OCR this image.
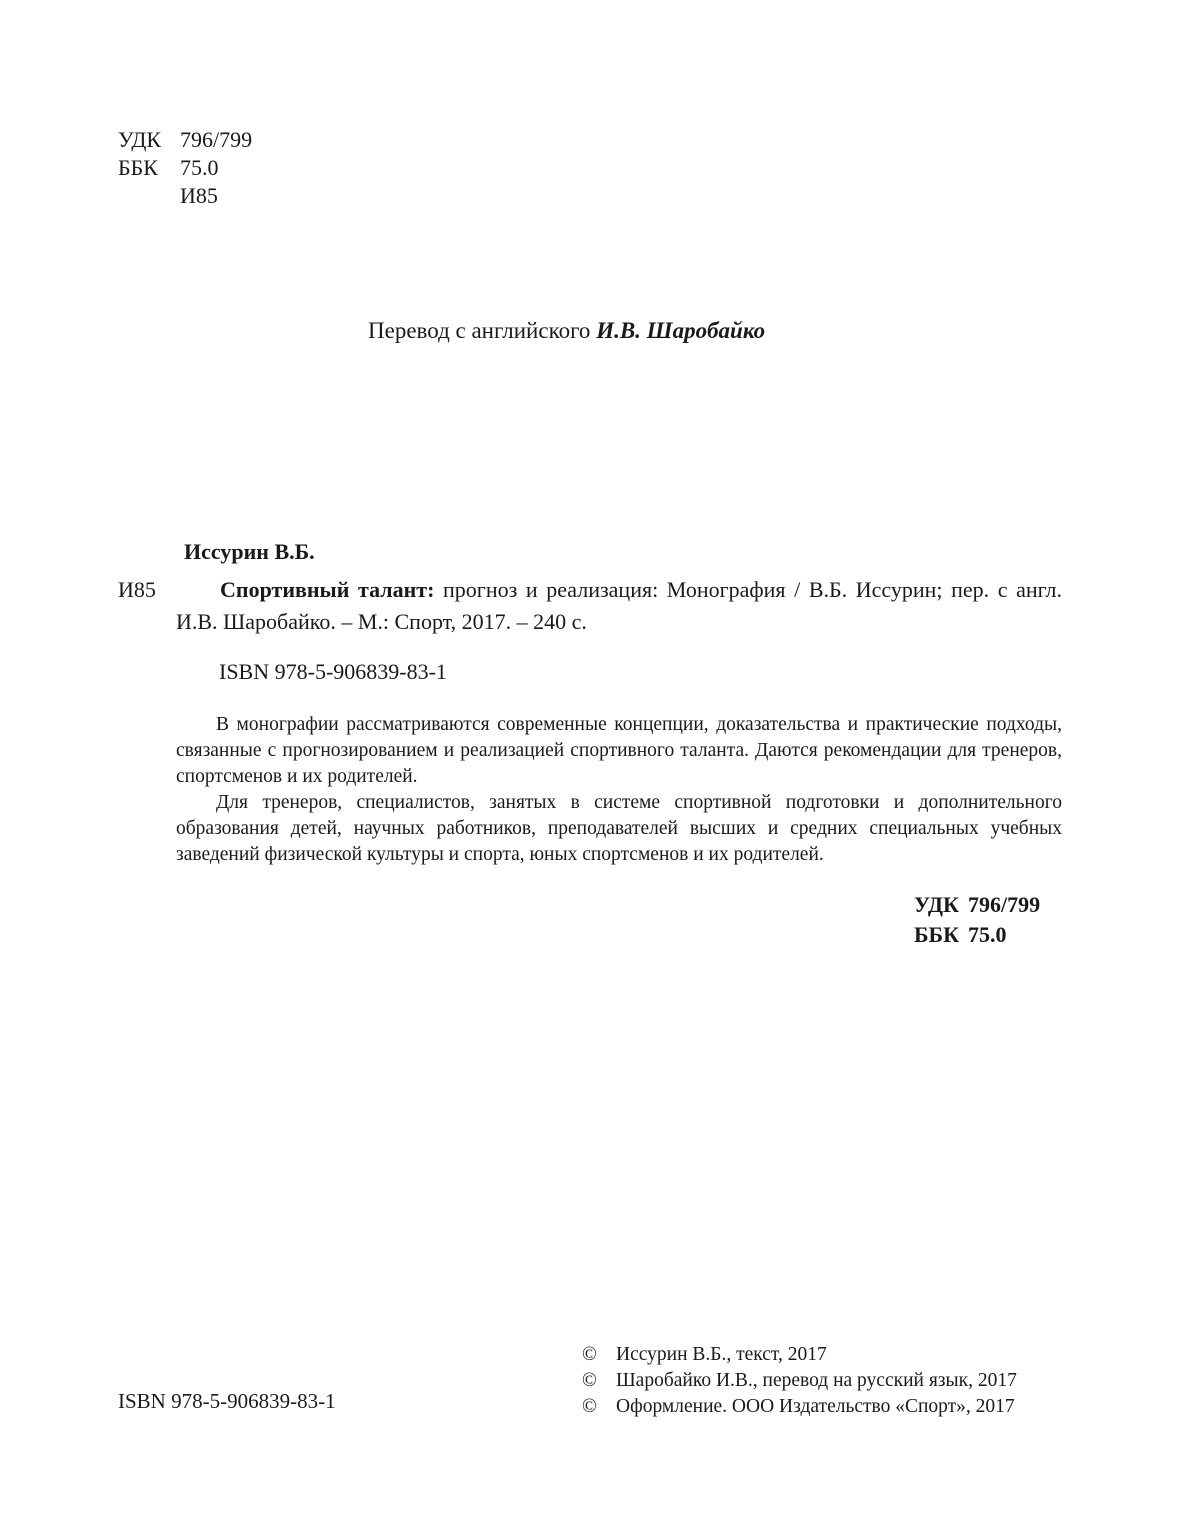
УДК 796/799
ББК 75.0
И85
Перевод с английского И.В. Шаробайко
Иссурин В.Б.
И85	Спортивный талант: прогноз и реализация: Монография / В.Б. Иссурин; пер. с англ. И.В. Шаробайко. – М.: Спорт, 2017. – 240 с.
ISBN 978-5-906839-83-1

В монографии рассматриваются современные концепции, доказательства и практические подходы, связанные с прогнозированием и реализацией спортивного таланта. Даются рекомендации для тренеров, спортсменов и их родителей.

Для тренеров, специалистов, занятых в системе спортивной подготовки и дополнительного образования детей, научных работников, преподавателей высших и средних специальных учебных заведений физической культуры и спорта, юных спортсменов и их родителей.

УДК 796/799
ББК 75.0
ISBN 978-5-906839-83-1
© Иссурин В.Б., текст, 2017
© Шаробайко И.В., перевод на русский язык, 2017
© Оформление. ООО Издательство «Спорт», 2017
